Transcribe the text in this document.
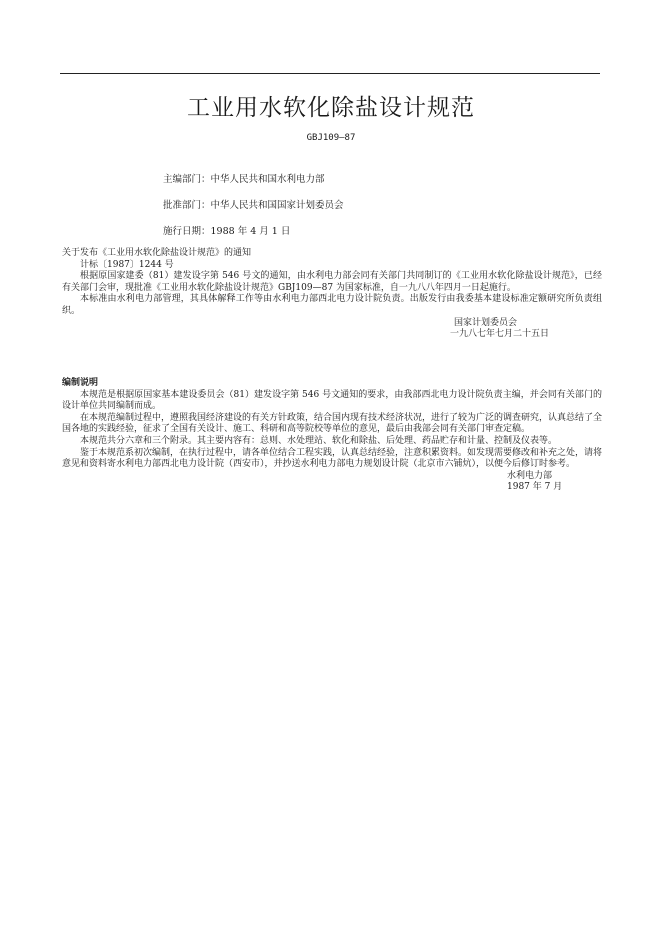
工业用水软化除盐设计规范
GBJ109—87
主编部门：中华人民共和国水利电力部
批准部门：中华人民共和国国家计划委员会
施行日期：1988 年 4 月 1 日

关于发布《工业用水软化除盐设计规范》的通知

计标〔1987〕1244 号

根据原国家建委（81）建发设字第 546 号文的通知，由水利电力部会同有关部门共同制订的《工业用水软化除盐设计规范》，已经有关部门会审，现批准《工业用水软化除盐设计规范》GBJ109—87 为国家标准，自一九八八年四月一日起施行。

本标准由水利电力部管理，其具体解释工作等由水利电力部西北电力设计院负责。出版发行由我委基本建设标准定额研究所负责组织。

国家计划委员会

一九八七年七月二十五日

编制说明

本规范是根据原国家基本建设委员会（81）建发设字第 546 号文通知的要求，由我部西北电力设计院负责主编，并会同有关部门的设计单位共同编制而成。

在本规范编制过程中，遵照我国经济建设的有关方针政策，结合国内现有技术经济状况，进行了较为广泛的调查研究，认真总结了全国各地的实践经验，征求了全国有关设计、施工、科研和高等院校等单位的意见，最后由我部会同有关部门审查定稿。

本规范共分六章和三个附录。其主要内容有：总则、水处理站、软化和除盐、后处理、药品贮存和计量、控制及仪表等。

鉴于本规范系初次编制，在执行过程中，请各单位结合工程实践，认真总结经验，注意积累资料。如发现需要修改和补充之处，请将意见和资料寄水利电力部西北电力设计院（西安市），并抄送水利电力部电力规划设计院（北京市六铺炕），以便今后修订时参考。

水利电力部

1987 年 7 月
